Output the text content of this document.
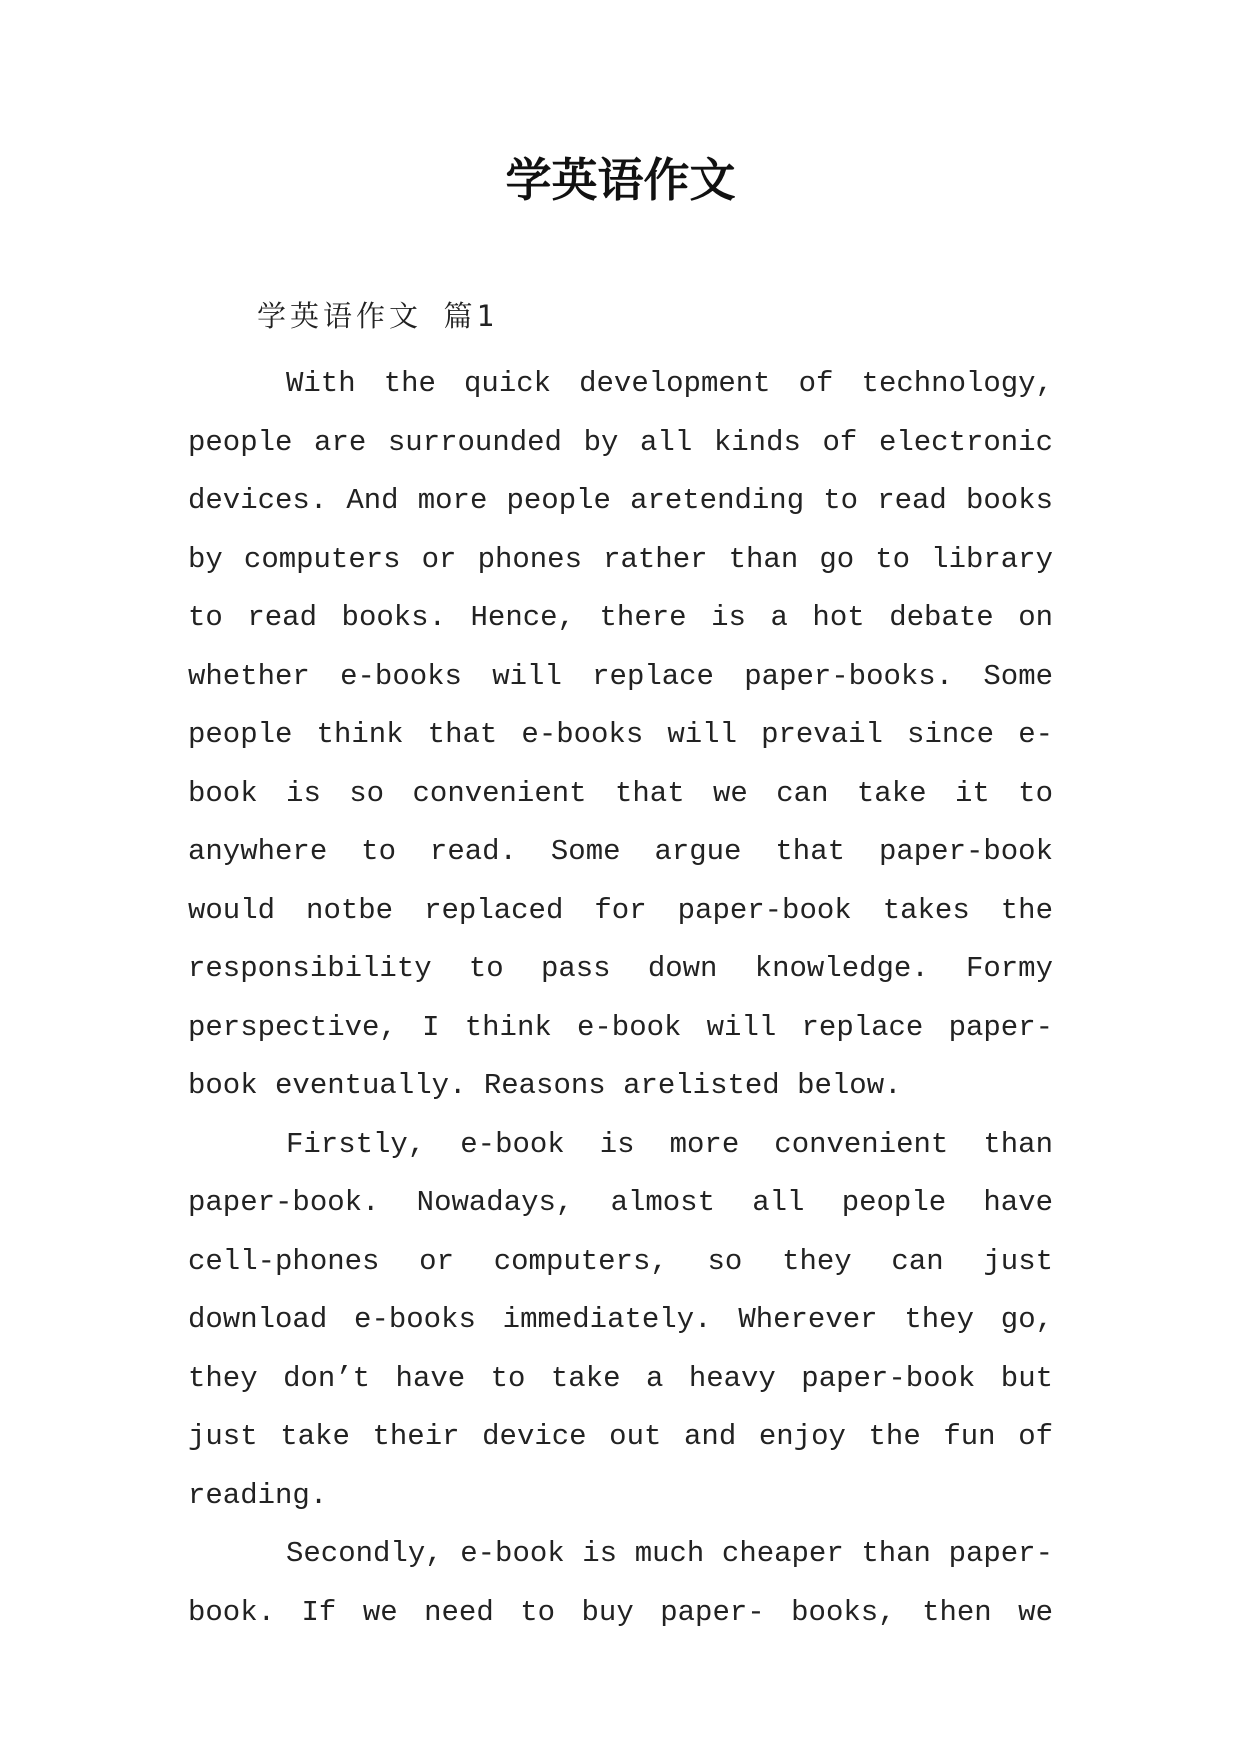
学英语作文
学英语作文 篇1

With the quick development of technology, people are surrounded by all kinds of electronic devices. And more people aretending to read books by computers or phones rather than go to library to read books. Hence, there is a hot debate on whether e-books will replace paper-books. Some people think that e-books will prevail since e-book is so convenient that we can take it to anywhere to read. Some argue that paper-book would notbe replaced for paper-book takes the responsibility to pass down knowledge. Formy perspective, I think e-book will replace paper-book eventually. Reasons arelisted below.

Firstly, e-book is more convenient than paper-book. Nowadays, almost all people have cell-phones or computers, so they can just download e-books immediately. Wherever they go, they don’t have to take a heavy paper-book but just take their device out and enjoy the fun of reading.

Secondly, e-book is much cheaper than paper-book. If we need to buy paper- books, then we
